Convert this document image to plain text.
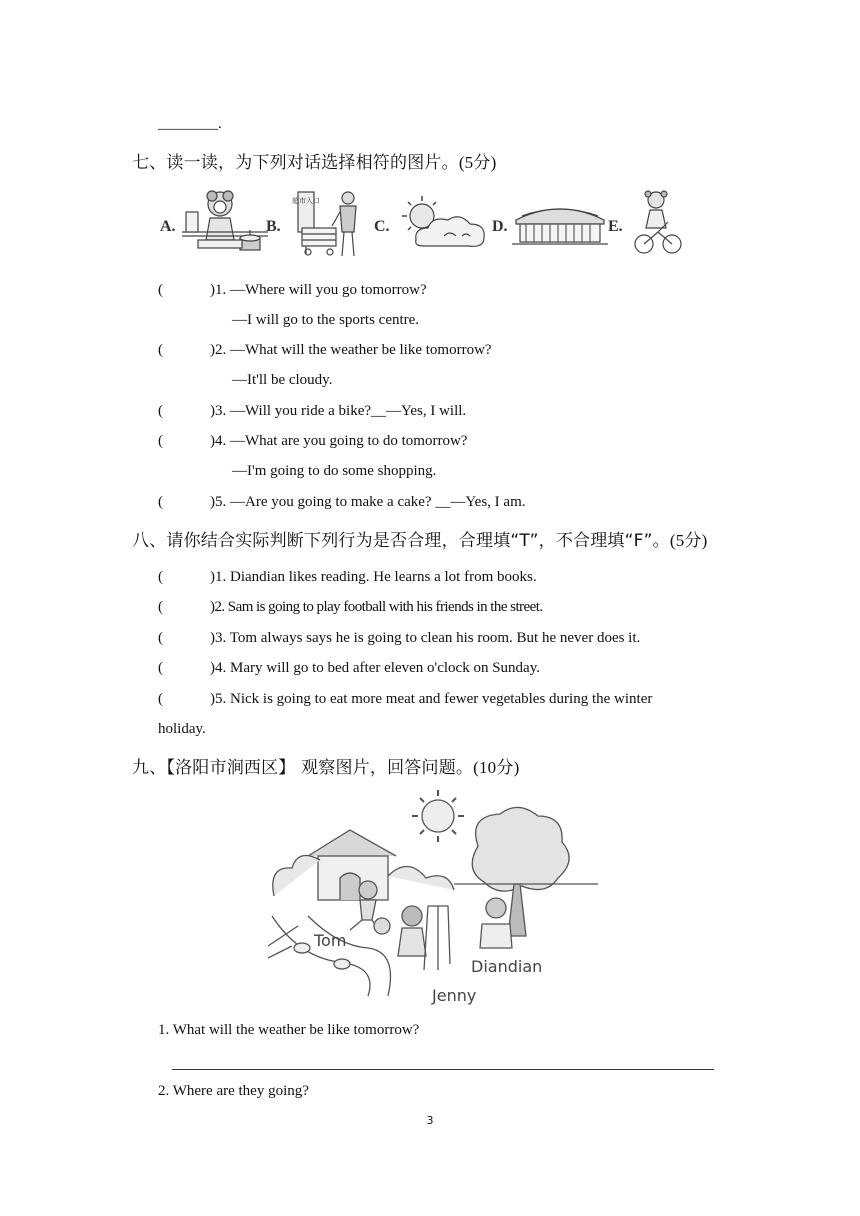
________.
七、读一读，为下列对话选择相符的图片。(5分)
A.	B.
超市入口
C.	D.	E.
(	)1. —Where will you go tomorrow?
—I will go to the sports centre.
(	)2. —What will the weather be like tomorrow?
—It'll be cloudy.
(	)3. —Will you ride a bike?__—Yes, I will.
(	)4. —What are you going to do tomorrow?
—I'm going to do some shopping.
(	)5. —Are you going to make a cake? __—Yes, I am.
八、请你结合实际判断下列行为是否合理，合理填“T”，不合理填“F”。(5分)
(	)1. Diandian likes reading. He learns a lot from books.
(	)2. Sam is going to play football with his friends in the street.
(	)3. Tom always says he is going to clean his room. But he never does it.
(	)4. Mary will go to bed after eleven o'clock on Sunday.
(	)5. Nick is going to eat more meat and fewer vegetables during the winter
holiday.
九、【洛阳市涧西区】 观察图片，回答问题。(10分)
Tom
Diandian
Jenny
1. What will the weather be like tomorrow?
2. Where are they going?
3
